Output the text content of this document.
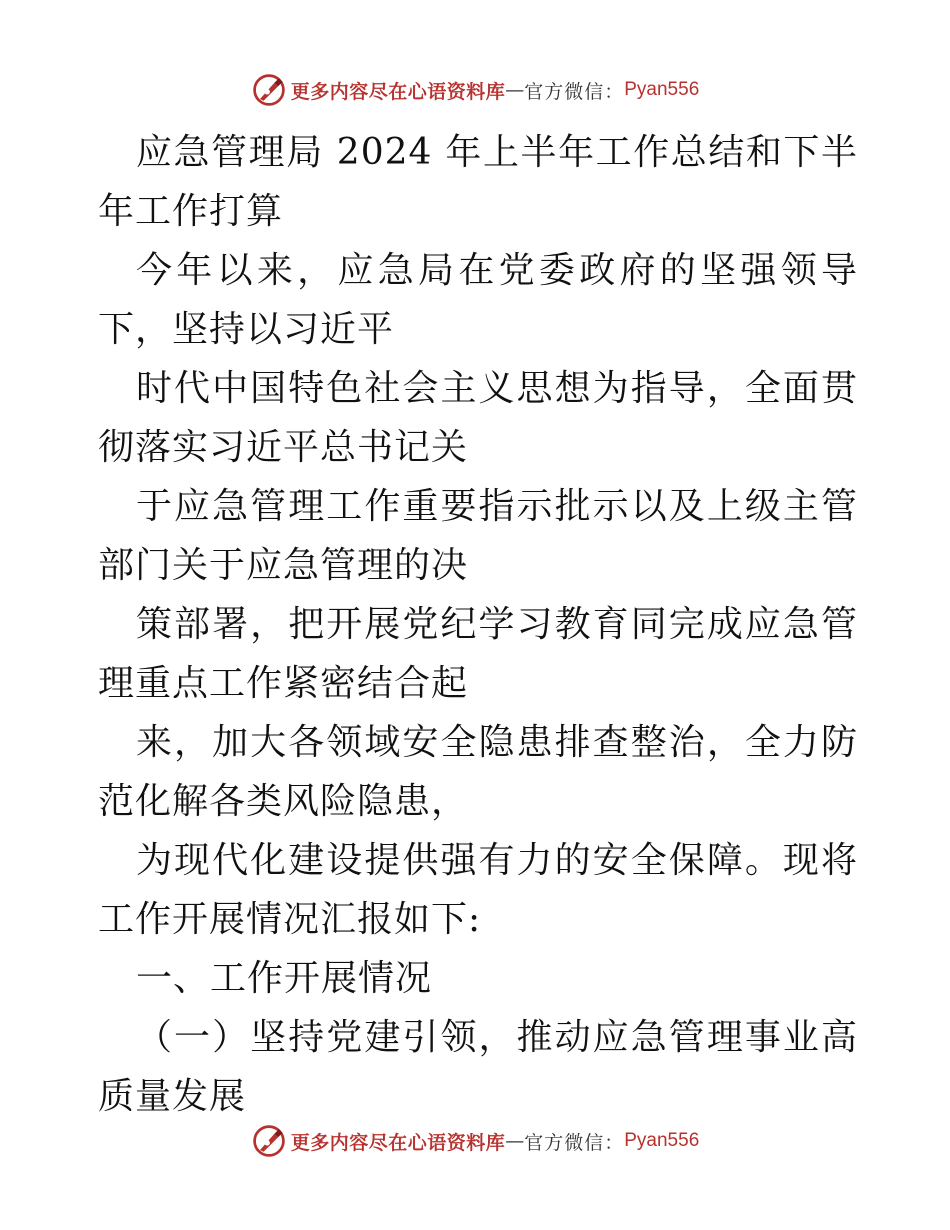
更多内容尽在心语资料库 — 官方微信： Pyan556

应急管理局 2024 年上半年工作总结和下半年工作打算

今年以来，应急局在党委政府的坚强领导下，坚持以习近平

时代中国特色社会主义思想为指导，全面贯彻落实习近平总书记关

于应急管理工作重要指示批示以及上级主管部门关于应急管理的决

策部署，把开展党纪学习教育同完成应急管理重点工作紧密结合起

来，加大各领域安全隐患排查整治，全力防范化解各类风险隐患，

为现代化建设提供强有力的安全保障。现将工作开展情况汇报如下:

一、工作开展情况

（一）坚持党建引领，推动应急管理事业高质量发展

更多内容尽在心语资料库 — 官方微信： Pyan556
